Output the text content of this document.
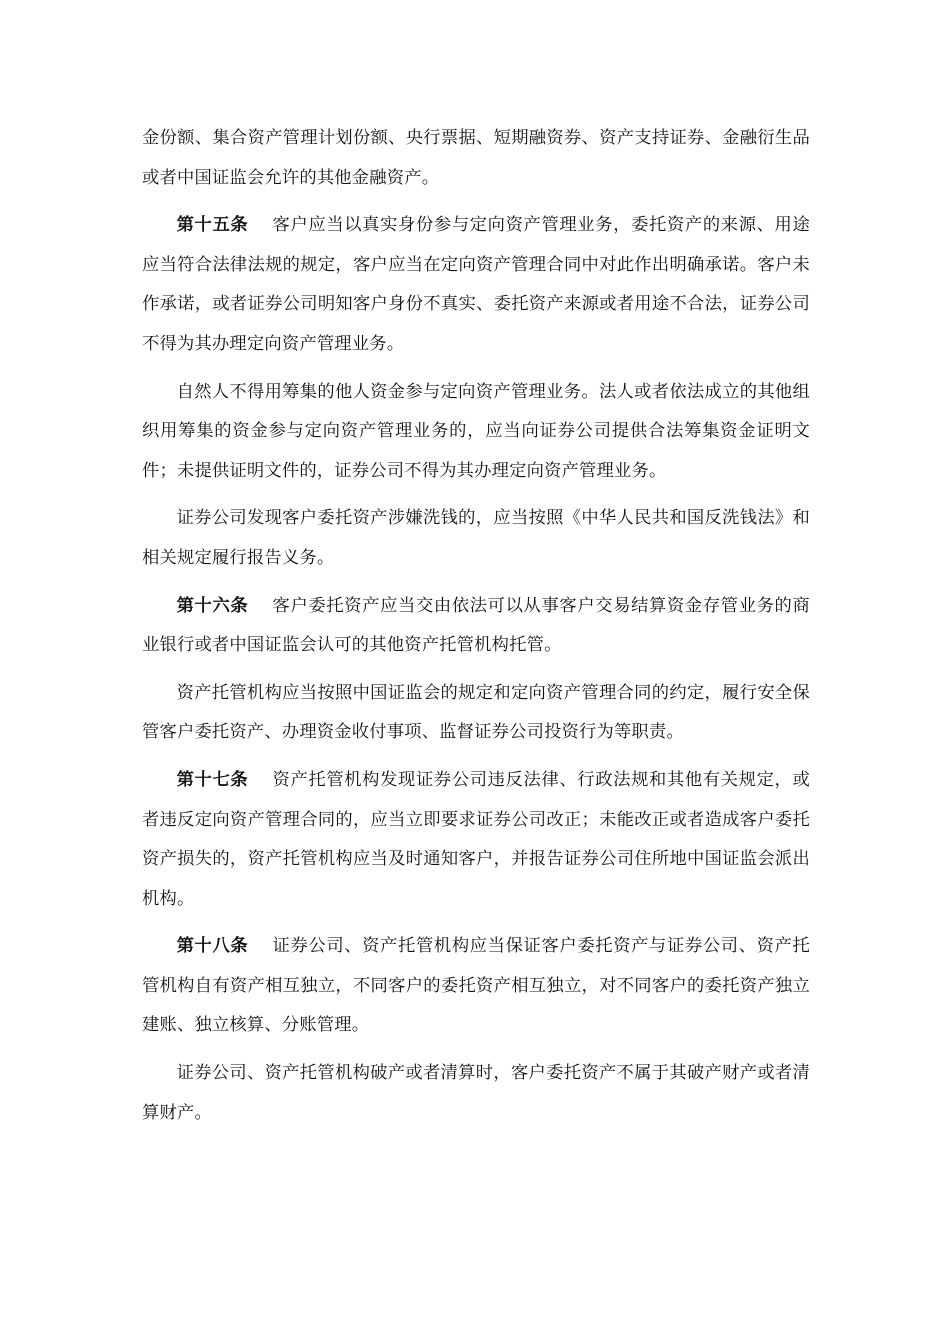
金份额、集合资产管理计划份额、央行票据、短期融资券、资产支持证券、金融衍生品或者中国证监会允许的其他金融资产。

第十五条 客户应当以真实身份参与定向资产管理业务，委托资产的来源、用途应当符合法律法规的规定，客户应当在定向资产管理合同中对此作出明确承诺。客户未作承诺，或者证券公司明知客户身份不真实、委托资产来源或者用途不合法，证券公司不得为其办理定向资产管理业务。

自然人不得用筹集的他人资金参与定向资产管理业务。法人或者依法成立的其他组织用筹集的资金参与定向资产管理业务的，应当向证券公司提供合法筹集资金证明文件；未提供证明文件的，证券公司不得为其办理定向资产管理业务。

证券公司发现客户委托资产涉嫌洗钱的，应当按照《中华人民共和国反洗钱法》和相关规定履行报告义务。

第十六条 客户委托资产应当交由依法可以从事客户交易结算资金存管业务的商业银行或者中国证监会认可的其他资产托管机构托管。

资产托管机构应当按照中国证监会的规定和定向资产管理合同的约定，履行安全保管客户委托资产、办理资金收付事项、监督证券公司投资行为等职责。

第十七条 资产托管机构发现证券公司违反法律、行政法规和其他有关规定，或者违反定向资产管理合同的，应当立即要求证券公司改正；未能改正或者造成客户委托资产损失的，资产托管机构应当及时通知客户，并报告证券公司住所地中国证监会派出机构。

第十八条 证券公司、资产托管机构应当保证客户委托资产与证券公司、资产托管机构自有资产相互独立，不同客户的委托资产相互独立，对不同客户的委托资产独立建账、独立核算、分账管理。

证券公司、资产托管机构破产或者清算时，客户委托资产不属于其破产财产或者清算财产。
